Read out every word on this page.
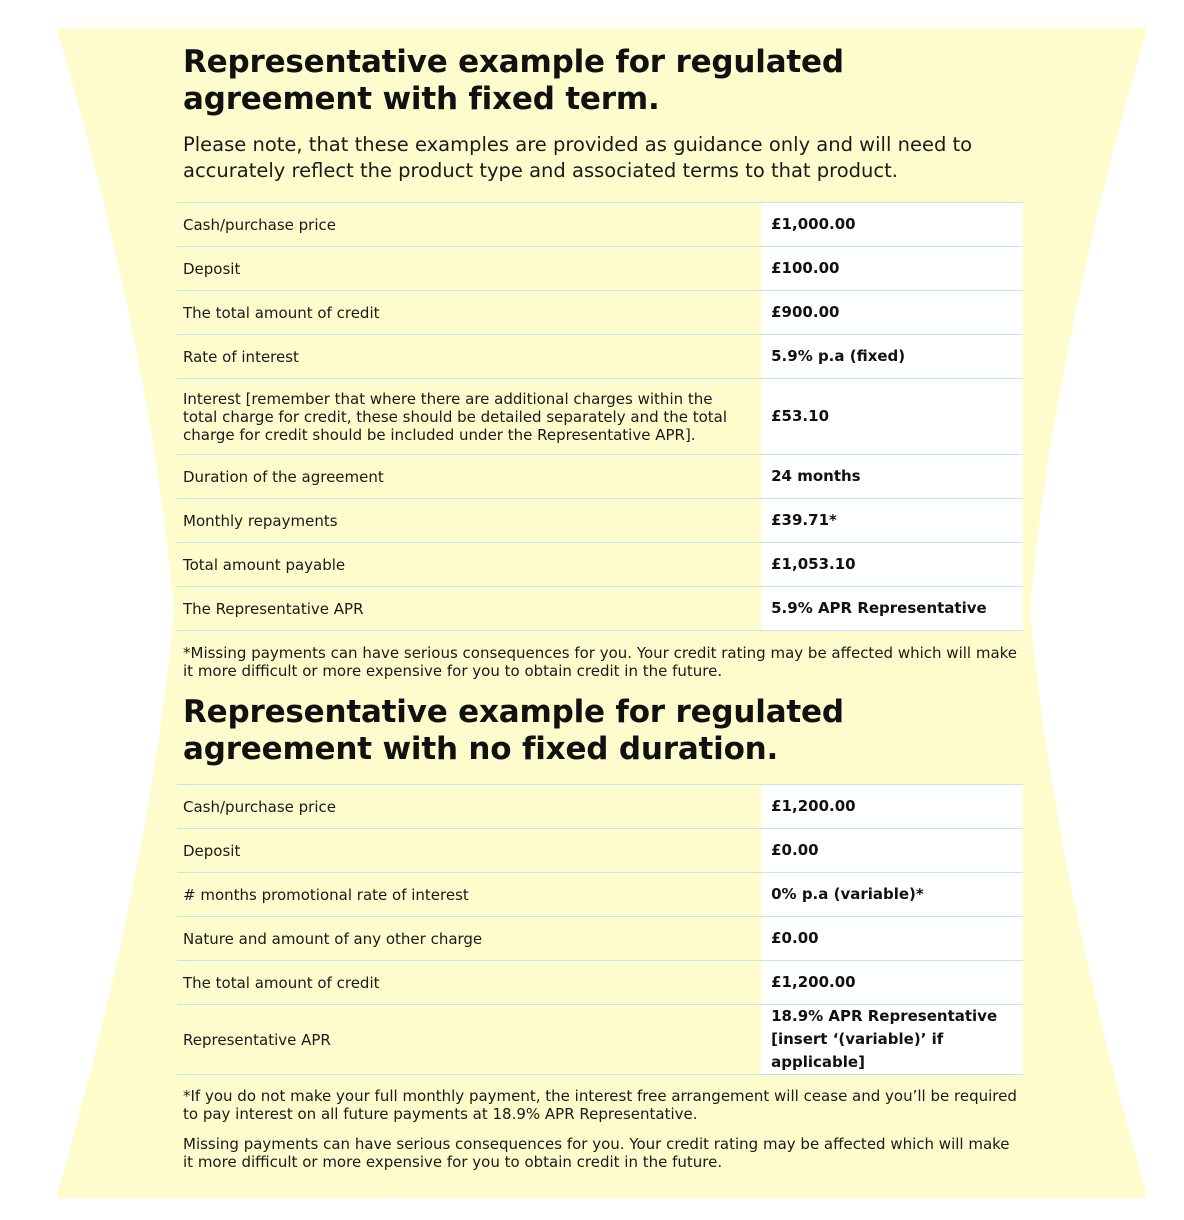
Representative example for regulated agreement with fixed term.

Please note, that these examples are provided as guidance only and will need to accurately reflect the product type and associated terms to that product.

Cash/purchase price	£1,000.00
Deposit	£100.00
The total amount of credit	£900.00
Rate of interest	5.9% p.a (fixed)
Interest [remember that where there are additional charges within the total charge for credit, these should be detailed separately and the total charge for credit should be included under the Representative APR].	£53.10
Duration of the agreement	24 months
Monthly repayments	£39.71*
Total amount payable	£1,053.10
The Representative APR	5.9% APR Representative

*Missing payments can have serious consequences for you. Your credit rating may be affected which will make it more difficult or more expensive for you to obtain credit in the future.

Representative example for regulated agreement with no fixed duration.
Cash/purchase price	£1,200.00
Deposit	£0.00
# months promotional rate of interest	0% p.a (variable)*
Nature and amount of any other charge	£0.00
The total amount of credit	£1,200.00
Representative APR	18.9% APR Representative
[insert ‘(variable)’ if applicable]

*If you do not make your full monthly payment, the interest free arrangement will cease and you’ll be required to pay interest on all future payments at 18.9% APR Representative.

Missing payments can have serious consequences for you. Your credit rating may be affected which will make it more difficult or more expensive for you to obtain credit in the future.
